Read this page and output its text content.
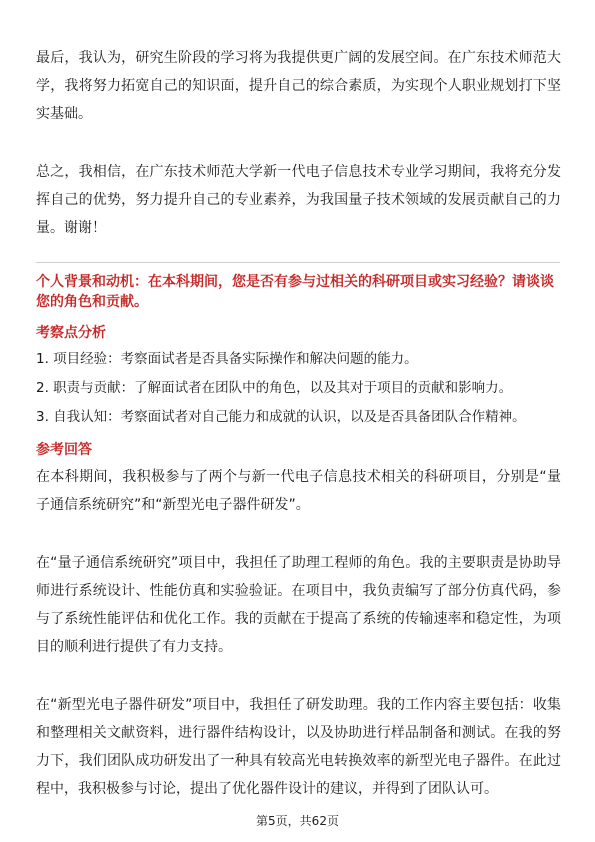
最后，我认为，研究生阶段的学习将为我提供更广阔的发展空间。在广东技术师范大学，我将努力拓宽自己的知识面，提升自己的综合素质，为实现个人职业规划打下坚实基础。

总之，我相信，在广东技术师范大学新一代电子信息技术专业学习期间，我将充分发挥自己的优势，努力提升自己的专业素养，为我国量子技术领域的发展贡献自己的力量。谢谢！

个人背景和动机：在本科期间，您是否有参与过相关的科研项目或实习经验？请谈谈您的角色和贡献。

考察点分析

1. 项目经验：考察面试者是否具备实际操作和解决问题的能力。

2. 职责与贡献：了解面试者在团队中的角色，以及其对于项目的贡献和影响力。

3. 自我认知：考察面试者对自己能力和成就的认识，以及是否具备团队合作精神。

参考回答

在本科期间，我积极参与了两个与新一代电子信息技术相关的科研项目，分别是“量子通信系统研究”和“新型光电子器件研发”。

在“量子通信系统研究”项目中，我担任了助理工程师的角色。我的主要职责是协助导师进行系统设计、性能仿真和实验验证。在项目中，我负责编写了部分仿真代码，参与了系统性能评估和优化工作。我的贡献在于提高了系统的传输速率和稳定性，为项目的顺利进行提供了有力支持。

在“新型光电子器件研发”项目中，我担任了研发助理。我的工作内容主要包括：收集和整理相关文献资料，进行器件结构设计，以及协助进行样品制备和测试。在我的努力下，我们团队成功研发出了一种具有较高光电转换效率的新型光电子器件。在此过程中，我积极参与讨论，提出了优化器件设计的建议，并得到了团队认可。

第5页，共62页
